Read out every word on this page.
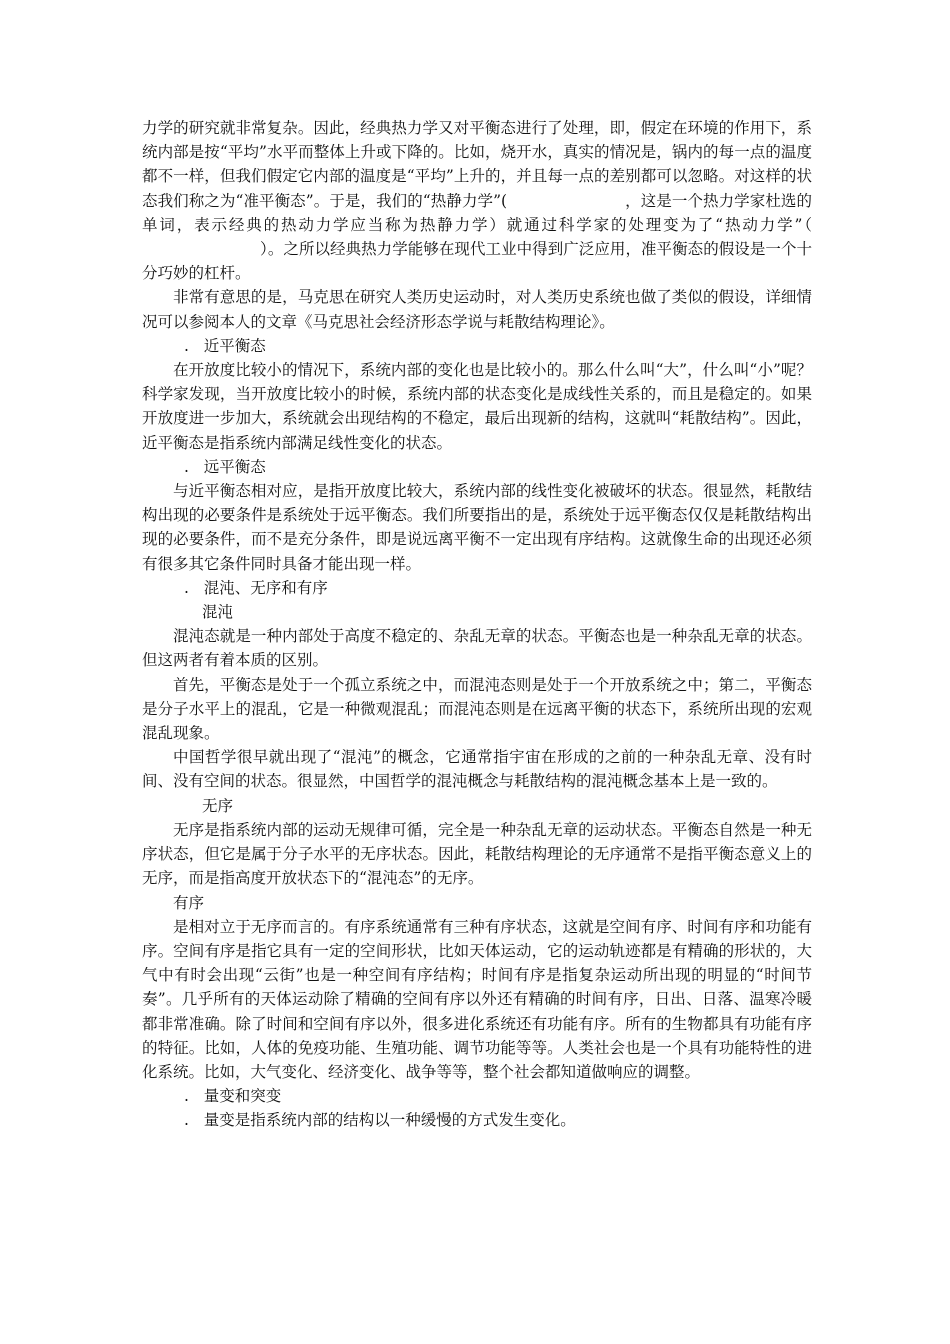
力学的研究就非常复杂。因此，经典热力学又对平衡态进行了处理，即，假定在环境的作用下，系统内部是按“平均”水平而整体上升或下降的。比如，烧开水，真实的情况是，锅内的每一点的温度都不一样，但我们假定它内部的温度是“平均”上升的，并且每一点的差别都可以忽略。对这样的状态我们称之为“准平衡态”。于是，我们的“热静力学”(	，这是一个热力学家杜选的单词，表示经典的热动力学应当称为热静力学）就通过科学家的处理变为了“热动力学”（）。之所以经典热力学能够在现代工业中得到广泛应用，准平衡态的假设是一个十分巧妙的杠杆。

非常有意思的是，马克思在研究人类历史运动时，对人类历史系统也做了类似的假设，详细情况可以参阅本人的文章《马克思社会经济形态学说与耗散结构理论》。

.   近平衡态

在开放度比较小的情况下，系统内部的变化也是比较小的。那么什么叫“大”，什么叫“小”呢？科学家发现，当开放度比较小的时候，系统内部的状态变化是成线性关系的，而且是稳定的。如果开放度进一步加大，系统就会出现结构的不稳定，最后出现新的结构，这就叫“耗散结构”。因此，近平衡态是指系统内部满足线性变化的状态。

.   远平衡态

与近平衡态相对应，是指开放度比较大，系统内部的线性变化被破坏的状态。很显然，耗散结构出现的必要条件是系统处于远平衡态。我们所要指出的是，系统处于远平衡态仅仅是耗散结构出现的必要条件，而不是充分条件，即是说远离平衡不一定出现有序结构。这就像生命的出现还必须有很多其它条件同时具备才能出现一样。

.   混沌、无序和有序

混沌

混沌态就是一种内部处于高度不稳定的、杂乱无章的状态。平衡态也是一种杂乱无章的状态。但这两者有着本质的区别。

首先，平衡态是处于一个孤立系统之中，而混沌态则是处于一个开放系统之中；第二，平衡态是分子水平上的混乱，它是一种微观混乱；而混沌态则是在远离平衡的状态下，系统所出现的宏观混乱现象。

中国哲学很早就出现了“混沌”的概念，它通常指宇宙在形成的之前的一种杂乱无章、没有时间、没有空间的状态。很显然，中国哲学的混沌概念与耗散结构的混沌概念基本上是一致的。

无序

无序是指系统内部的运动无规律可循，完全是一种杂乱无章的运动状态。平衡态自然是一种无序状态，但它是属于分子水平的无序状态。因此，耗散结构理论的无序通常不是指平衡态意义上的无序，而是指高度开放状态下的“混沌态”的无序。

有序

是相对立于无序而言的。有序系统通常有三种有序状态，这就是空间有序、时间有序和功能有序。空间有序是指它具有一定的空间形状，比如天体运动，它的运动轨迹都是有精确的形状的，大气中有时会出现“云街”也是一种空间有序结构；时间有序是指复杂运动所出现的明显的“时间节奏”。几乎所有的天体运动除了精确的空间有序以外还有精确的时间有序，日出、日落、温寒冷暖都非常准确。除了时间和空间有序以外，很多进化系统还有功能有序。所有的生物都具有功能有序的特征。比如，人体的免疫功能、生殖功能、调节功能等等。人类社会也是一个具有功能特性的进化系统。比如，大气变化、经济变化、战争等等，整个社会都知道做响应的调整。

.   量变和突变

.   量变是指系统内部的结构以一种缓慢的方式发生变化。
